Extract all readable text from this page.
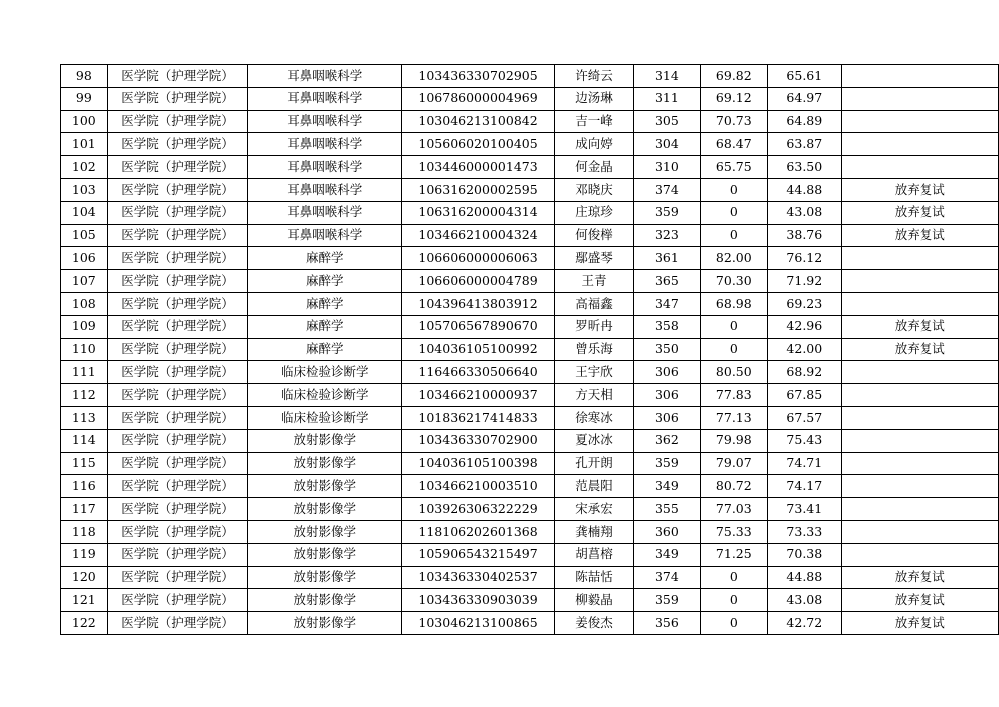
98	医学院（护理学院）	耳鼻咽喉科学	103436330702905	许绮云	314	69.82	65.61	
99	医学院（护理学院）	耳鼻咽喉科学	106786000004969	边汤琳	311	69.12	64.97	
100	医学院（护理学院）	耳鼻咽喉科学	103046213100842	吉一峰	305	70.73	64.89	
101	医学院（护理学院）	耳鼻咽喉科学	105606020100405	成向婷	304	68.47	63.87	
102	医学院（护理学院）	耳鼻咽喉科学	103446000001473	何金晶	310	65.75	63.50	
103	医学院（护理学院）	耳鼻咽喉科学	106316200002595	邓晓庆	374	0	44.88	放弃复试
104	医学院（护理学院）	耳鼻咽喉科学	106316200004314	庄琼珍	359	0	43.08	放弃复试
105	医学院（护理学院）	耳鼻咽喉科学	103466210004324	何俊榉	323	0	38.76	放弃复试
106	医学院（护理学院）	麻醉学	106606000006063	鄢盛琴	361	82.00	76.12	
107	医学院（护理学院）	麻醉学	106606000004789	王青	365	70.30	71.92	
108	医学院（护理学院）	麻醉学	104396413803912	高福鑫	347	68.98	69.23	
109	医学院（护理学院）	麻醉学	105706567890670	罗昕冉	358	0	42.96	放弃复试
110	医学院（护理学院）	麻醉学	104036105100992	曾乐海	350	0	42.00	放弃复试
111	医学院（护理学院）	临床检验诊断学	116466330506640	王宇欣	306	80.50	68.92	
112	医学院（护理学院）	临床检验诊断学	103466210000937	方天相	306	77.83	67.85	
113	医学院（护理学院）	临床检验诊断学	101836217414833	徐寒冰	306	77.13	67.57	
114	医学院（护理学院）	放射影像学	103436330702900	夏冰冰	362	79.98	75.43	
115	医学院（护理学院）	放射影像学	104036105100398	孔开朗	359	79.07	74.71	
116	医学院（护理学院）	放射影像学	103466210003510	范晨阳	349	80.72	74.17	
117	医学院（护理学院）	放射影像学	103926306322229	宋承宏	355	77.03	73.41	
118	医学院（护理学院）	放射影像学	118106202601368	龚楠翔	360	75.33	73.33	
119	医学院（护理学院）	放射影像学	105906543215497	胡菖榕	349	71.25	70.38	
120	医学院（护理学院）	放射影像学	103436330402537	陈喆恬	374	0	44.88	放弃复试
121	医学院（护理学院）	放射影像学	103436330903039	柳毅晶	359	0	43.08	放弃复试
122	医学院（护理学院）	放射影像学	103046213100865	姜俊杰	356	0	42.72	放弃复试
